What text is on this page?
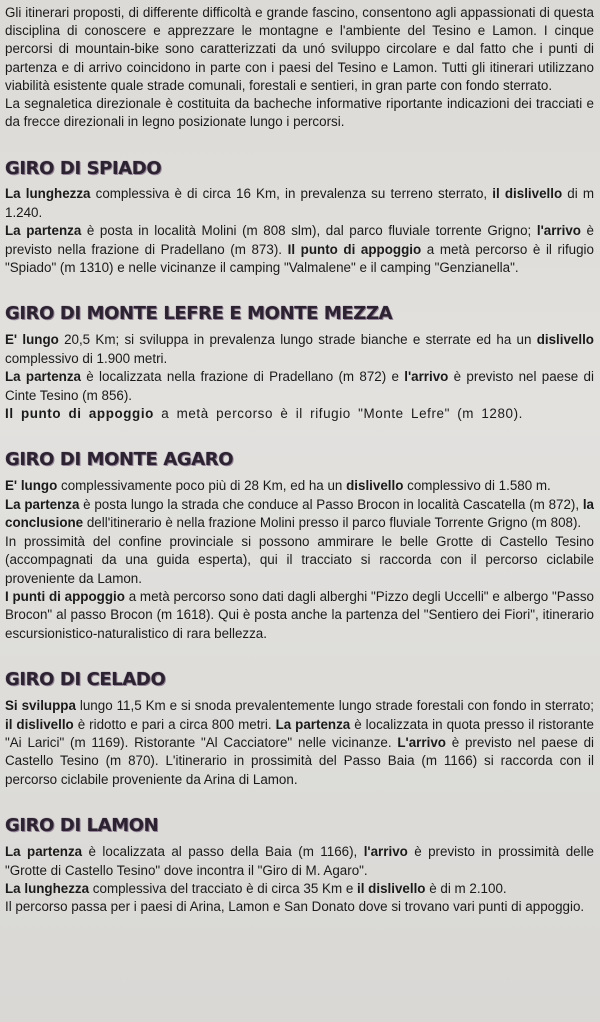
Gli itinerari proposti, di differente difficoltà e grande fascino, consentono agli appassionati di questa disciplina di conoscere e apprezzare le montagne e l'ambiente del Tesino e Lamon. I cinque percorsi di mountain-bike sono caratterizzati da unó sviluppo circolare e dal fatto che i punti di partenza e di arrivo coincidono in parte con i paesi del Tesino e Lamon. Tutti gli itinerari utilizzano viabilità esistente quale strade comunali, forestali e sentieri, in gran parte con fondo sterrato.

La segnaletica direzionale è costituita da bacheche informative riportante indicazioni dei tracciati e da frecce direzionali in legno posizionate lungo i percorsi.

GIRO DI SPIADO

La lunghezza complessiva è di circa 16 Km, in prevalenza su terreno sterrato, il dislivello di m 1.240.

La partenza è posta in località Molini (m 808 slm), dal parco fluviale torrente Grigno; l'arrivo è previsto nella frazione di Pradellano (m 873). Il punto di appoggio a metà percorso è il rifugio "Spiado" (m 1310) e nelle vicinanze il camping "Valmalene" e il camping "Genzianella".

GIRO DI MONTE LEFRE E MONTE MEZZA

E' lungo 20,5 Km; si sviluppa in prevalenza lungo strade bianche e sterrate ed ha un dislivello complessivo di 1.900 metri.

La partenza è localizzata nella frazione di Pradellano (m 872) e l'arrivo è previsto nel paese di Cinte Tesino (m 856).

Il punto di appoggio a metà percorso è il rifugio "Monte Lefre" (m 1280).

GIRO DI MONTE AGARO

E' lungo complessivamente poco più di 28 Km, ed ha un dislivello complessivo di 1.580 m.

La partenza è posta lungo la strada che conduce al Passo Brocon in località Cascatella (m 872), la conclusione dell'itinerario è nella frazione Molini presso il parco fluviale Torrente Grigno (m 808).

In prossimità del confine provinciale si possono ammirare le belle Grotte di Castello Tesino (accompagnati da una guida esperta), qui il tracciato si raccorda con il percorso ciclabile proveniente da Lamon.

I punti di appoggio a metà percorso sono dati dagli alberghi "Pizzo degli Uccelli" e albergo "Passo Brocon" al passo Brocon (m 1618). Qui è posta anche la partenza del "Sentiero dei Fiori", itinerario escursionistico-naturalistico di rara bellezza.

GIRO DI CELADO

Si sviluppa lungo 11,5 Km e si snoda prevalentemente lungo strade forestali con fondo in sterrato; il dislivello è ridotto e pari a circa 800 metri. La partenza è localizzata in quota presso il ristorante "Ai Larici" (m 1169). Ristorante "Al Cacciatore" nelle vicinanze. L'arrivo è previsto nel paese di Castello Tesino (m 870). L'itinerario in prossimità del Passo Baia (m 1166) si raccorda con il percorso ciclabile proveniente da Arina di Lamon.

GIRO DI LAMON

La partenza è localizzata al passo della Baia (m 1166), l'arrivo è previsto in prossimità delle "Grotte di Castello Tesino" dove incontra il "Giro di M. Agaro".

La lunghezza complessiva del tracciato è di circa 35 Km e il dislivello è di m 2.100.

Il percorso passa per i paesi di Arina, Lamon e San Donato dove si trovano vari punti di appoggio.
